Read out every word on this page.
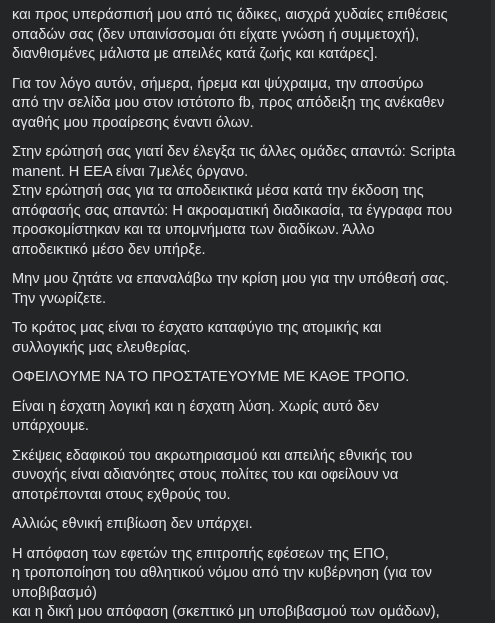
και προς υπεράσπισή μου από τις άδικες, αισχρά χυδαίες επιθέσεις
οπαδών σας (δεν υπαινίσσομαι ότι είχατε γνώση ή συμμετοχή),
διανθισμένες μάλιστα με απειλές κατά ζωής και κατάρες].

Για τον λόγο αυτόν, σήμερα, ήρεμα και ψύχραιμα, την αποσύρω
από την σελίδα μου στον ιστότοπο fb, προς απόδειξη της ανέκαθεν
αγαθής μου προαίρεσης έναντι όλων.

Στην ερώτησή σας γιατί δεν έλεγξα τις άλλες ομάδες απαντώ: Scripta
manent. Η ΕΕΑ είναι 7μελές όργανο.
Στην ερώτησή σας για τα αποδεικτικά μέσα κατά την έκδοση της
απόφασής σας απαντώ: Η ακροαματική διαδικασία, τα έγγραφα που
προσκομίστηκαν και τα υπομνήματα των διαδίκων. Άλλο
αποδεικτικό μέσο δεν υπήρξε.

Μην μου ζητάτε να επαναλάβω την κρίση μου για την υπόθεσή σας.
Την γνωρίζετε.

Το κράτος μας είναι το έσχατο καταφύγιο της ατομικής και
συλλογικής μας ελευθερίας.

ΟΦΕΙΛΟΥΜΕ ΝΑ ΤΟ ΠΡΟΣΤΑΤΕΥΟΥΜΕ ΜΕ ΚΑΘΕ ΤΡΟΠΟ.

Είναι η έσχατη λογική και η έσχατη λύση. Χωρίς αυτό δεν
υπάρχουμε.

Σκέψεις εδαφικού του ακρωτηριασμού και απειλής εθνικής του
συνοχής είναι αδιανόητες στους πολίτες του και οφείλουν να
αποτρέπονται στους εχθρούς του.

Αλλιώς εθνική επιβίωση δεν υπάρχει.

Η απόφαση των εφετών της επιτροπής εφέσεων της ΕΠΟ,
η τροποποίηση του αθλητικού νόμου από την κυβέρνηση (για τον
υποβιβασμό)
και η δική μου απόφαση (σκεπτικό μη υποβιβασμού των ομάδων),
